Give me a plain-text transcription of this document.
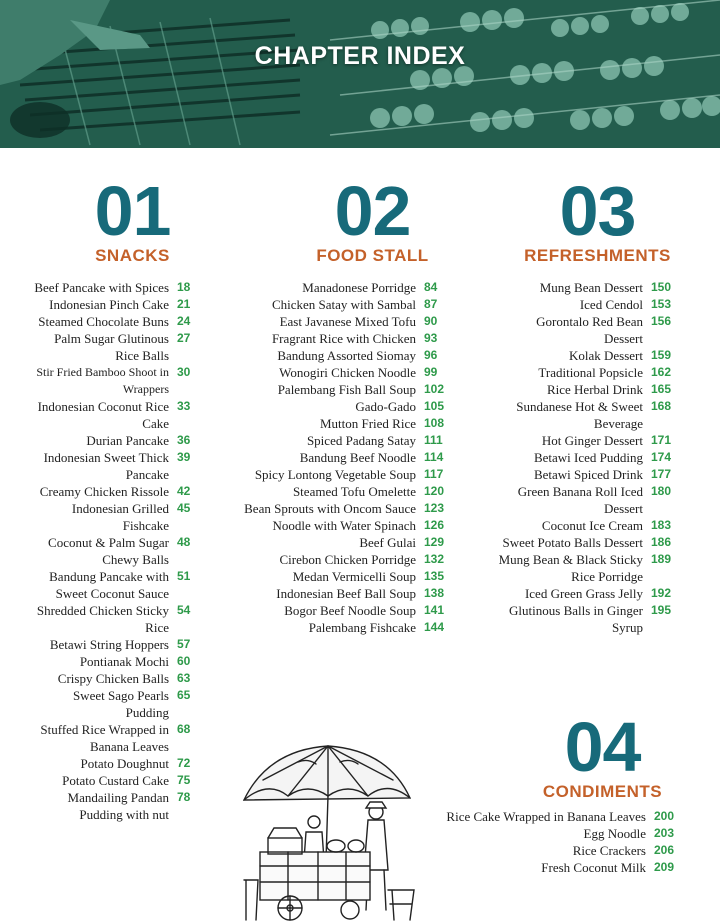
CHAPTER INDEX
01
SNACKS
Beef Pancake with Spices 18
Indonesian Pinch Cake 21
Steamed Chocolate Buns 24
Palm Sugar Glutinous Rice Balls
27
Stir Fried Bamboo Shoot in Wrappers
30
Indonesian Coconut Rice Cake
33
Durian Pancake 36
Indonesian Sweet Thick Pancake
39
Creamy Chicken Rissole 42
Indonesian Grilled Fishcake
45
Coconut & Palm Sugar Chewy Balls
48
Bandung Pancake with Sweet Coconut Sauce
51
Shredded Chicken Sticky Rice
54
Betawi String Hoppers 57
Pontianak Mochi 60
Crispy Chicken Balls 63
Sweet Sago Pearls Pudding
65
Stuffed Rice Wrapped in Banana Leaves
68
Potato Doughnut 72
Potato Custard Cake 75
Mandailing Pandan Pudding with nut
78
02
FOOD STALL
Manadonese Porridge 84
Chicken Satay with Sambal 87
East Javanese Mixed Tofu 90
Fragrant Rice with Chicken 93
Bandung Assorted Siomay 96
Wonogiri Chicken Noodle 99
Palembang Fish Ball Soup 102
Gado-Gado 105
Mutton Fried Rice 108
Spiced Padang Satay 111
Bandung Beef Noodle 114
Spicy Lontong Vegetable Soup 117
Steamed Tofu Omelette 120
Bean Sprouts with Oncom Sauce 123
Noodle with Water Spinach 126
Beef Gulai 129
Cirebon Chicken Porridge 132
Medan Vermicelli Soup 135
Indonesian Beef Ball Soup 138
Bogor Beef Noodle Soup 141
Palembang Fishcake 144
03
REFRESHMENTS
Mung Bean Dessert 150
Iced Cendol 153
Gorontalo Red Bean Dessert
156
Kolak Dessert 159
Traditional Popsicle 162
Rice Herbal Drink 165
Sundanese Hot & Sweet Beverage
168
Hot Ginger Dessert 171
Betawi Iced Pudding 174
Betawi Spiced Drink 177
Green Banana Roll Iced Dessert
180
Coconut Ice Cream 183
Sweet Potato Balls Dessert 186
Mung Bean & Black Sticky Rice Porridge
189
Iced Green Grass Jelly 192
Glutinous Balls in Ginger Syrup
195
04
CONDIMENTS
Rice Cake Wrapped in Banana Leaves 200
Egg Noodle 203
Rice Crackers 206
Fresh Coconut Milk 209
